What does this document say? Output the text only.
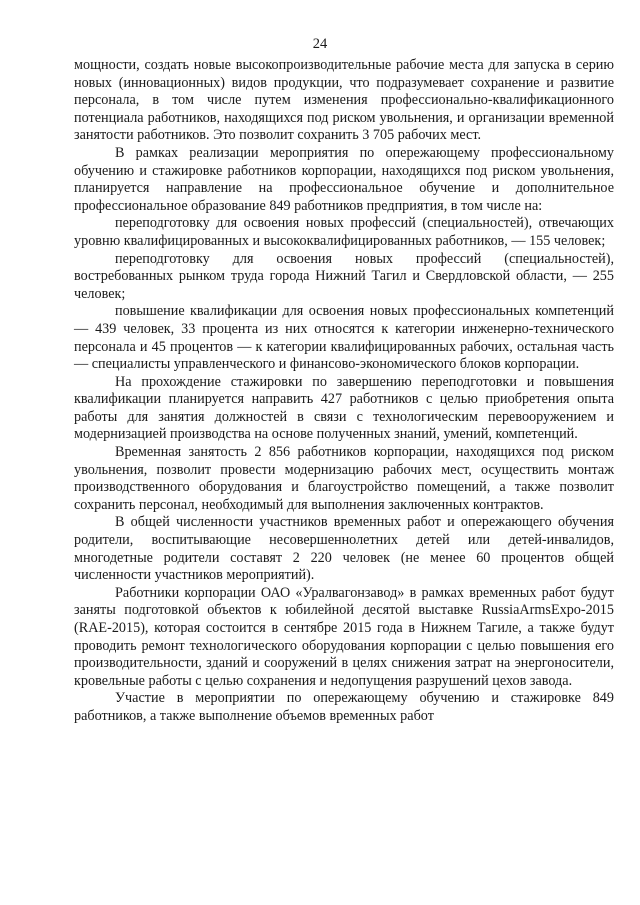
24

мощности, создать новые высокопроизводительные рабочие места для запуска в серию новых (инновационных) видов продукции, что подразумевает сохранение и развитие персонала, в том числе путем изменения профессионально-квалификационного потенциала работников, находящихся под риском увольнения, и организации временной занятости работников. Это позволит сохранить 3 705 рабочих мест.

В рамках реализации мероприятия по опережающему профессиональному обучению и стажировке работников корпорации, находящихся под риском увольнения, планируется направление на профессиональное обучение и дополнительное профессиональное образование 849 работников предприятия, в том числе на:

переподготовку для освоения новых профессий (специальностей), отвечающих уровню квалифицированных и высококвалифицированных работников, — 155 человек;

переподготовку для освоения новых профессий (специальностей), востребованных рынком труда города Нижний Тагил и Свердловской области, — 255 человек;

повышение квалификации для освоения новых профессиональных компетенций — 439 человек, 33 процента из них относятся к категории инженерно-технического персонала и 45 процентов — к категории квалифицированных рабочих, остальная часть — специалисты управленческого и финансово-экономического блоков корпорации.

На прохождение стажировки по завершению переподготовки и повышения квалификации планируется направить 427 работников с целью приобретения опыта работы для занятия должностей в связи с технологическим перевооружением и модернизацией производства на основе полученных знаний, умений, компетенций.

Временная занятость 2 856 работников корпорации, находящихся под риском увольнения, позволит провести модернизацию рабочих мест, осуществить монтаж производственного оборудования и благоустройство помещений, а также позволит сохранить персонал, необходимый для выполнения заключенных контрактов.

В общей численности участников временных работ и опережающего обучения родители, воспитывающие несовершеннолетних детей или детей-инвалидов, многодетные родители составят 2 220 человек (не менее 60 процентов общей численности участников мероприятий).

Работники корпорации ОАО «Уралвагонзавод» в рамках временных работ будут заняты подготовкой объектов к юбилейной десятой выставке RussiaArmsExpo-2015 (RAE-2015), которая состоится в сентябре 2015 года в Нижнем Тагиле, а также будут проводить ремонт технологического оборудования корпорации с целью повышения его производительности, зданий и сооружений в целях снижения затрат на энергоносители, кровельные работы с целью сохранения и недопущения разрушений цехов завода.

Участие в мероприятии по опережающему обучению и стажировке 849 работников, а также выполнение объемов временных работ
